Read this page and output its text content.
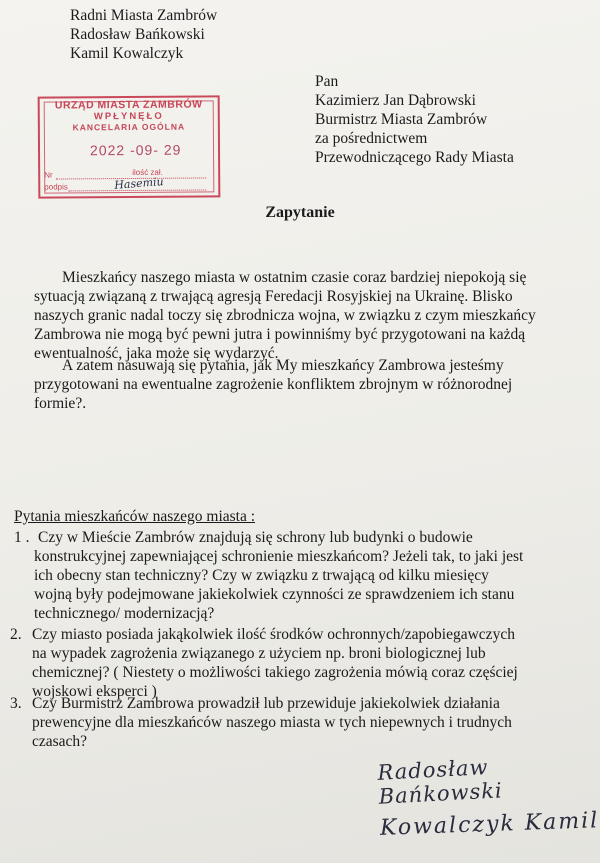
Radni Miasta Zambrów
Radosław Bańkowski
Kamil Kowalczyk
Pan
Kazimierz Jan Dąbrowski
Burmistrz Miasta Zambrów
za pośrednictwem
Przewodniczącego Rady Miasta
URZĄD MIASTA ZAMBRÓW
WPŁYNĘŁO
KANCELARIA OGÓLNA
2022 -09- 29
ilość zał.
Nr
podpis	Hasemiu
Zapytanie
Mieszkańcy naszego miasta w ostatnim czasie coraz bardziej niepokoją się
sytuacją związaną z trwającą agresją Feredacji Rosyjskiej na Ukrainę. Blisko
naszych granic nadal toczy się zbrodnicza wojna, w związku z czym mieszkańcy
Zambrowa nie mogą być pewni jutra i powinniśmy być przygotowani na każdą
ewentualność, jaka może się wydarzyć.
A zatem nasuwają się pytania, jak My mieszkańcy Zambrowa jesteśmy
przygotowani na ewentualne zagrożenie konfliktem zbrojnym w różnorodnej
formie?.
Pytania mieszkańców naszego miasta :
1 . Czy w Mieście Zambrów znajdują się schrony lub budynki o budowie
konstrukcyjnej zapewniającej schronienie mieszkańcom? Jeżeli tak, to jaki jest
ich obecny stan techniczny? Czy w związku z trwającą od kilku miesięcy
wojną były podejmowane jakiekolwiek czynności ze sprawdzeniem ich stanu
technicznego/ modernizacją?
2. Czy miasto posiada jakąkolwiek ilość środków ochronnych/zapobiegawczych
na wypadek zagrożenia związanego z użyciem np. broni biologicznej lub
chemicznej? ( Niestety o możliwości takiego zagrożenia mówią coraz częściej
wojskowi eksperci )
3. Czy Burmistrz Zambrowa prowadził lub przewiduje jakiekolwiek działania
prewencyjne dla mieszkańców naszego miasta w tych niepewnych i trudnych
czasach?
Radosław Bańkowski
Kowalczyk Kamil
